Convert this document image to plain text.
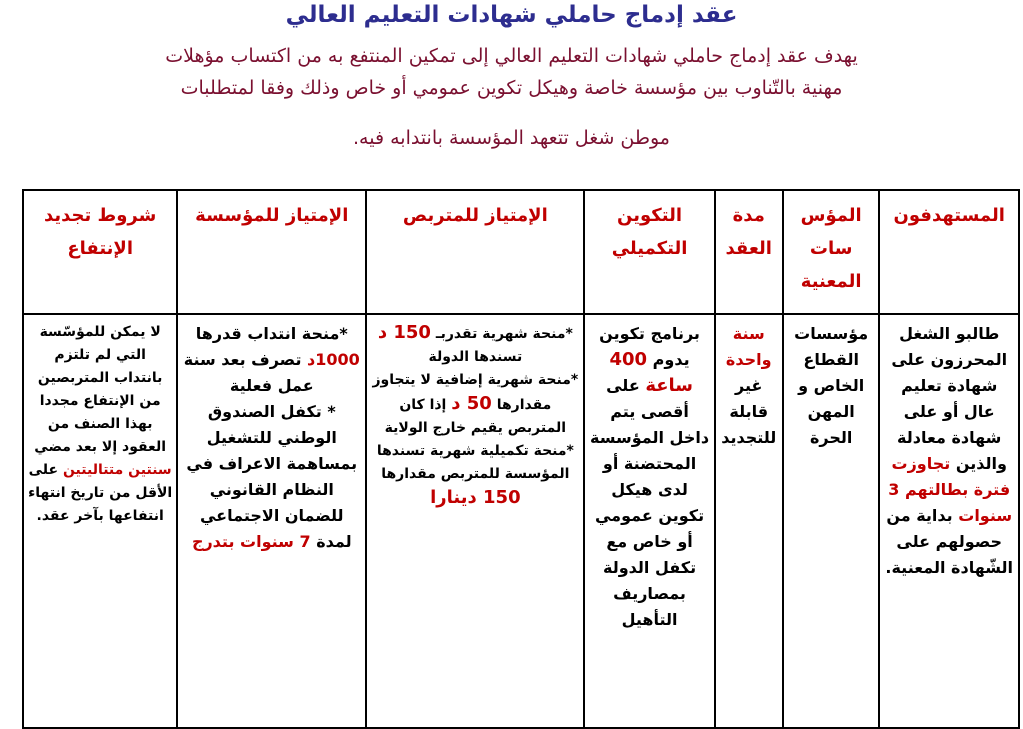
عقد إدماج حاملي شهادات التعليم العالي
يهدف عقد إدماج حاملي شهادات التعليم العالي إلى تمكين المنتفع به من اكتساب مؤهلات
مهنية بالتّناوب بين مؤسسة خاصة وهيكل تكوين عمومي أو خاص وذلك وفقا لمتطلبات

موطن شغل تتعهد المؤسسة بانتدابه فيه.
المستهدفون	المؤس سات المعنية	مدة العقد	التكوين التكميلي	الإمتياز للمتربص	الإمتياز للمؤسسة	شروط تجديد الإنتفاع
طالبو الشغل المحرزون على شهادة تعليم عال أو على شهادة معادلة والذين تجاوزت فترة بطالتهم 3 سنوات بداية من حصولهم على الشّهادة المعنية.	مؤسسات القطاع الخاص و المهن الحرة	سنة واحدة غير قابلة للتجديد	برنامج تكوين يدوم 400 ساعة على أقصى يتم داخل المؤسسة المحتضنة أو لدى هيكل تكوين عمومي أو خاص مع تكفل الدولة بمصاريف التأهيل	*منحة شهرية تقدربـ 150 د تسندها الدولة
*منحة شهرية إضافية لا يتجاوز مقدارها 50 د إذا كان المتربص يقيم خارج الولاية
*منحة تكميلية شهرية تسندها المؤسسة للمتربص مقدارها
150 دينارا	*منحة انتداب قدرها 1000د تصرف بعد سنة عمل فعلية
* تكفل الصندوق الوطني للتشغيل بمساهمة الاعراف في النظام القانوني للضمان الاجتماعي لمدة 7 سنوات بتدرج	لا يمكن للمؤسّسة التي لم تلتزم بانتداب المتربصين من الإنتفاع مجددا بهذا الصنف من العقود إلا بعد مضي سنتين متتاليتين على الأقل من تاريخ انتهاء انتفاعها بآخر عقد.
